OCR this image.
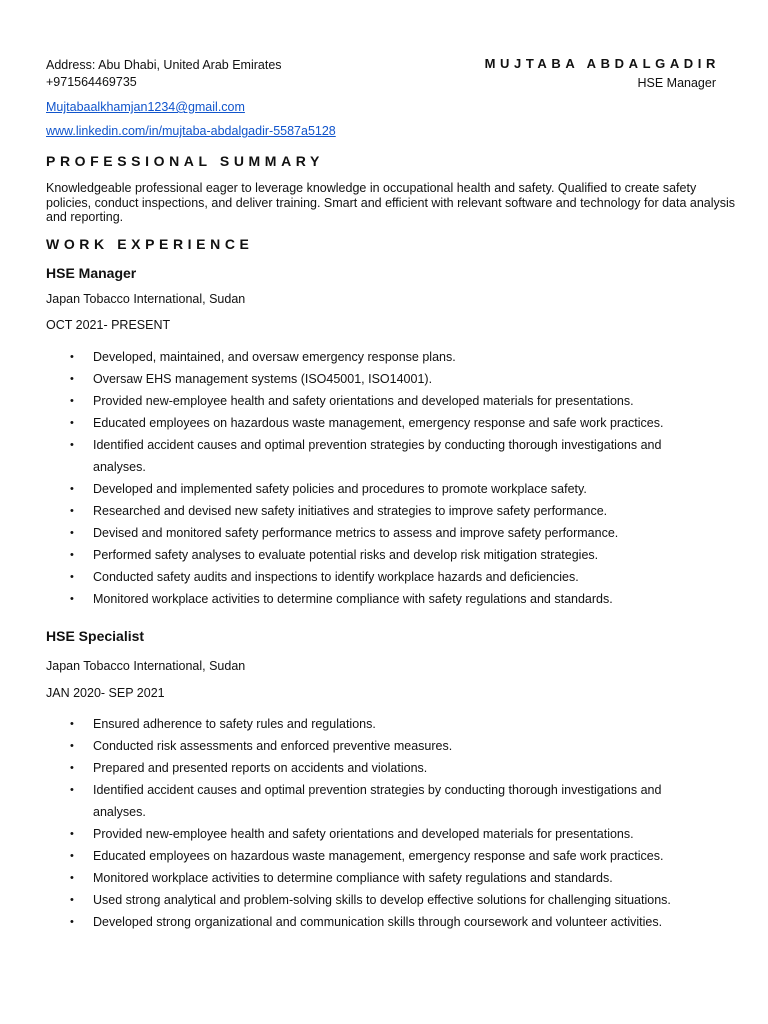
Address: Abu Dhabi, United Arab Emirates
+971564469735
Mujtabaalkhamjan1234@gmail.com
www.linkedin.com/in/mujtaba-abdalgadir-5587a5128
MUJTABA ABDALGADIR
HSE Manager
PROFESSIONAL SUMMARY
Knowledgeable professional eager to leverage knowledge in occupational health and safety. Qualified to create safety policies, conduct inspections, and deliver training. Smart and efficient with relevant software and technology for data analysis and reporting.
WORK EXPERIENCE
HSE Manager
Japan Tobacco International, Sudan
OCT 2021- PRESENT
• Developed, maintained, and oversaw emergency response plans.
• Oversaw EHS management systems (ISO45001, ISO14001).
• Provided new-employee health and safety orientations and developed materials for presentations.
• Educated employees on hazardous waste management, emergency response and safe work practices.
• Identified accident causes and optimal prevention strategies by conducting thorough investigations and analyses.
• Developed and implemented safety policies and procedures to promote workplace safety.
• Researched and devised new safety initiatives and strategies to improve safety performance.
• Devised and monitored safety performance metrics to assess and improve safety performance.
• Performed safety analyses to evaluate potential risks and develop risk mitigation strategies.
• Conducted safety audits and inspections to identify workplace hazards and deficiencies.
• Monitored workplace activities to determine compliance with safety regulations and standards.
HSE Specialist
Japan Tobacco International, Sudan
JAN 2020- SEP 2021
• Ensured adherence to safety rules and regulations.
• Conducted risk assessments and enforced preventive measures.
• Prepared and presented reports on accidents and violations.
• Identified accident causes and optimal prevention strategies by conducting thorough investigations and analyses.
• Provided new-employee health and safety orientations and developed materials for presentations.
• Educated employees on hazardous waste management, emergency response and safe work practices.
• Monitored workplace activities to determine compliance with safety regulations and standards.
• Used strong analytical and problem-solving skills to develop effective solutions for challenging situations.
• Developed strong organizational and communication skills through coursework and volunteer activities.
